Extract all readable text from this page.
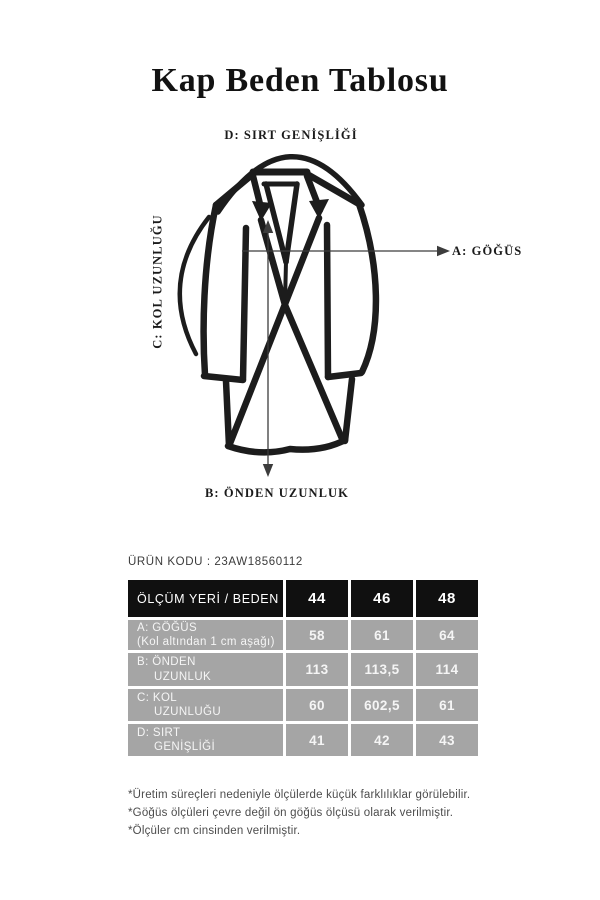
Kap Beden Tablosu
D: SIRT GENİŞLİĞİ
C: KOL UZUNLUĞU	A: GÖĞÜS
B: ÖNDEN UZUNLUK
ÜRÜN KODU : 23AW18560112
ÖLÇÜM YERİ / BEDEN	44	46	48
A: GÖĞÜS
(Kol altından 1 cm aşağı)	58	61	64
B: ÖNDEN
UZUNLUK	113	113,5	114
C: KOL
UZUNLUĞU	60	602,5	61
D: SIRT
GENİŞLİĞİ	41	42	43
*Üretim süreçleri nedeniyle ölçülerde küçük farklılıklar görülebilir.
*Göğüs ölçüleri çevre değil ön göğüs ölçüsü olarak verilmiştir.
*Ölçüler cm cinsinden verilmiştir.
